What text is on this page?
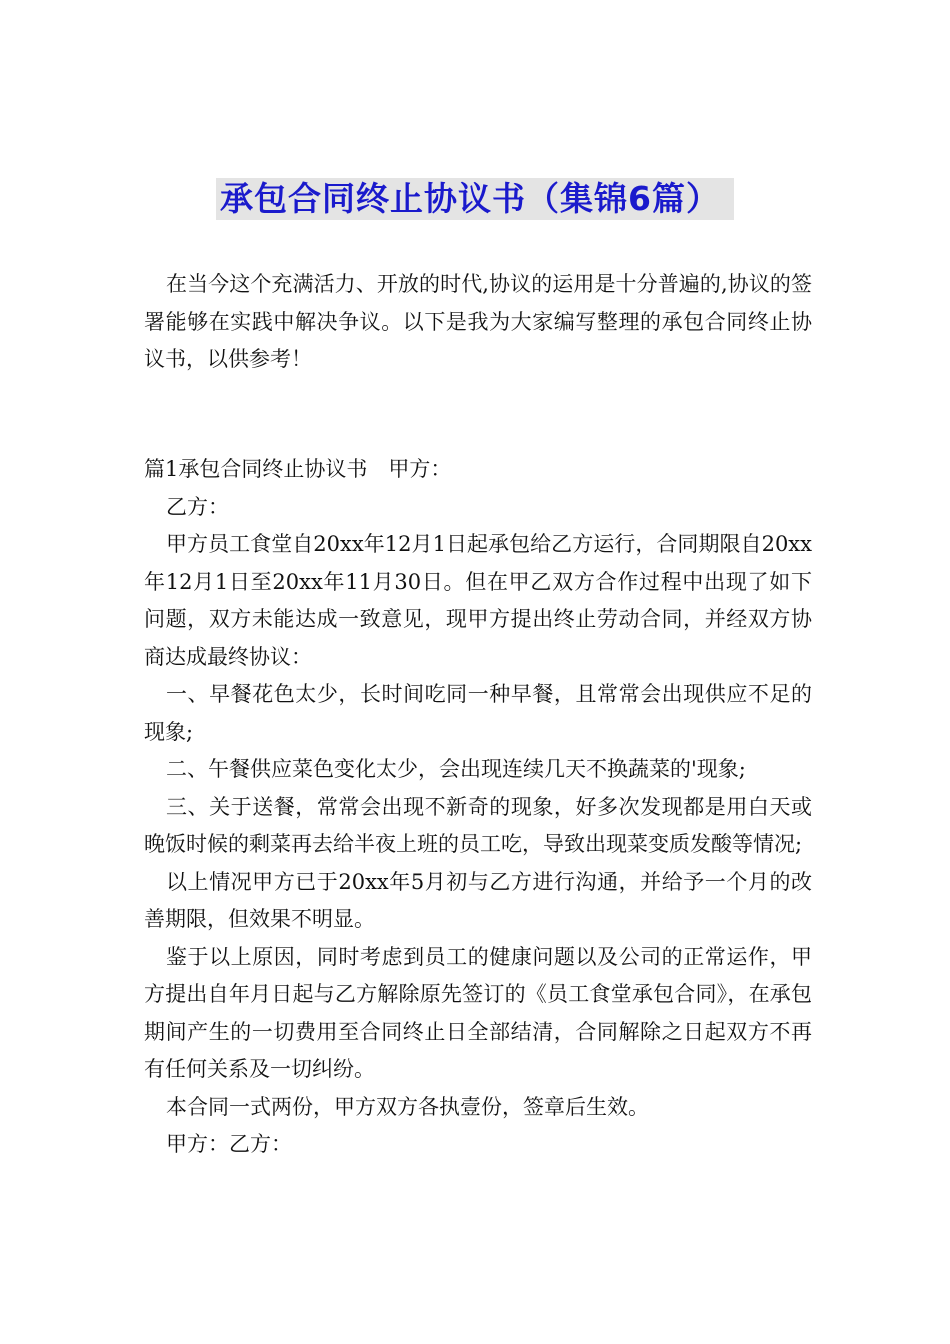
承包合同终止协议书（集锦6篇）

在当今这个充满活力、开放的时代,协议的运用是十分普遍的,协议的签署能够在实践中解决争议。以下是我为大家编写整理的承包合同终止协议书，以供参考！

篇1承包合同终止协议书　甲方：

乙方：

甲方员工食堂自20xx年12月1日起承包给乙方运行，合同期限自20xx年12月1日至20xx年11月30日。但在甲乙双方合作过程中出现了如下问题，双方未能达成一致意见，现甲方提出终止劳动合同，并经双方协商达成最终协议：

一、早餐花色太少，长时间吃同一种早餐，且常常会出现供应不足的现象;

二、午餐供应菜色变化太少，会出现连续几天不换蔬菜的'现象;

三、关于送餐，常常会出现不新奇的现象，好多次发现都是用白天或晚饭时候的剩菜再去给半夜上班的员工吃，导致出现菜变质发酸等情况;

以上情况甲方已于20xx年5月初与乙方进行沟通，并给予一个月的改善期限，但效果不明显。

鉴于以上原因，同时考虑到员工的健康问题以及公司的正常运作，甲方提出自年月日起与乙方解除原先签订的《员工食堂承包合同》，在承包期间产生的一切费用至合同终止日全部结清，合同解除之日起双方不再有任何关系及一切纠纷。

本合同一式两份，甲方双方各执壹份，签章后生效。

甲方：乙方：
